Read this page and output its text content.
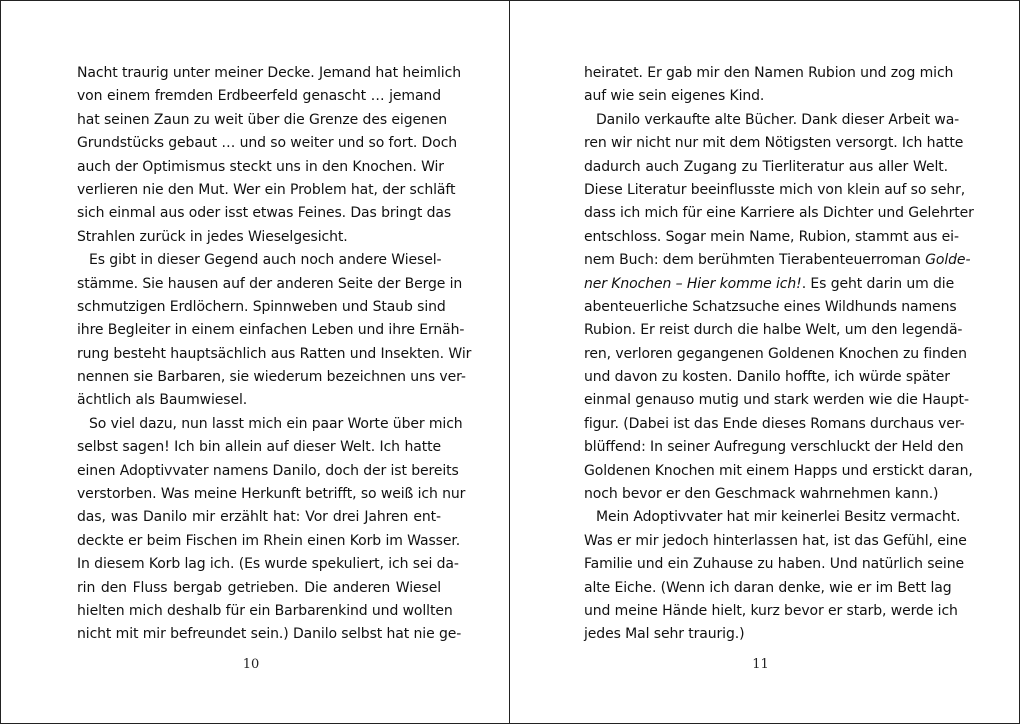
Nacht traurig unter meiner Decke. Jemand hat heimlich
von einem fremden Erdbeerfeld genascht … jemand
hat seinen Zaun zu weit über die Grenze des eigenen
Grundstücks gebaut … und so weiter und so fort. Doch
auch der Optimismus steckt uns in den Knochen. Wir
verlieren nie den Mut. Wer ein Problem hat, der schläft
sich einmal aus oder isst etwas Feines. Das bringt das
Strahlen zurück in jedes Wieselgesicht.
Es gibt in dieser Gegend auch noch andere Wiesel-
stämme. Sie hausen auf der anderen Seite der Berge in
schmutzigen Erdlöchern. Spinnweben und Staub sind
ihre Begleiter in einem einfachen Leben und ihre Ernäh-
rung besteht hauptsächlich aus Ratten und Insekten. Wir
nennen sie Barbaren, sie wiederum bezeichnen uns ver-
ächtlich als Baumwiesel.
So viel dazu, nun lasst mich ein paar Worte über mich
selbst sagen! Ich bin allein auf dieser Welt. Ich hatte
einen Adoptivvater namens Danilo, doch der ist bereits
verstorben. Was meine Herkunft betrifft, so weiß ich nur
das, was Danilo mir erzählt hat: Vor drei Jahren ent-
deckte er beim Fischen im Rhein einen Korb im Wasser.
In diesem Korb lag ich. (Es wurde spekuliert, ich sei da-
rin den Fluss bergab getrieben. Die anderen Wiesel
hielten mich deshalb für ein Barbarenkind und wollten
nicht mit mir befreundet sein.) Danilo selbst hat nie ge-
10
heiratet. Er gab mir den Namen Rubion und zog mich
auf wie sein eigenes Kind.
Danilo verkaufte alte Bücher. Dank dieser Arbeit wa-
ren wir nicht nur mit dem Nötigsten versorgt. Ich hatte
dadurch auch Zugang zu Tierliteratur aus aller Welt.
Diese Literatur beeinflusste mich von klein auf so sehr,
dass ich mich für eine Karriere als Dichter und Gelehrter
entschloss. Sogar mein Name, Rubion, stammt aus ei-
nem Buch: dem berühmten Tierabenteuerroman Golde-
ner Knochen – Hier komme ich!. Es geht darin um die
abenteuerliche Schatzsuche eines Wildhunds namens
Rubion. Er reist durch die halbe Welt, um den legendä-
ren, verloren gegangenen Goldenen Knochen zu finden
und davon zu kosten. Danilo hoffte, ich würde später
einmal genauso mutig und stark werden wie die Haupt-
figur. (Dabei ist das Ende dieses Romans durchaus ver-
blüffend: In seiner Aufregung verschluckt der Held den
Goldenen Knochen mit einem Happs und erstickt daran,
noch bevor er den Geschmack wahrnehmen kann.)
Mein Adoptivvater hat mir keinerlei Besitz vermacht.
Was er mir jedoch hinterlassen hat, ist das Gefühl, eine
Familie und ein Zuhause zu haben. Und natürlich seine
alte Eiche. (Wenn ich daran denke, wie er im Bett lag
und meine Hände hielt, kurz bevor er starb, werde ich
jedes Mal sehr traurig.)
11
